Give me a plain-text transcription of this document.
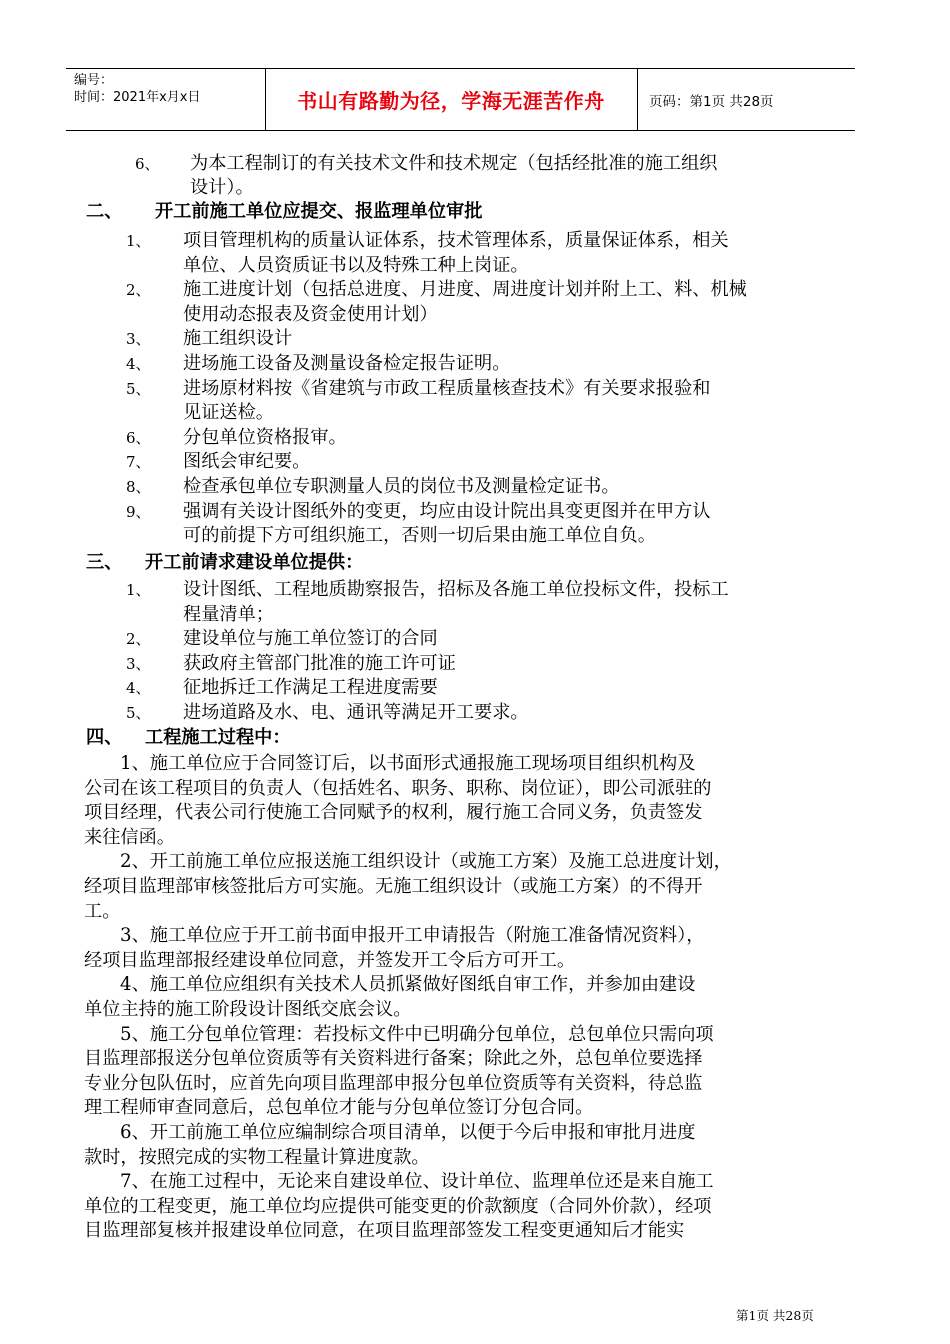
编号：
时间：2021年x月x日	书山有路勤为径，学海无涯苦作舟	页码：第1页 共28页
6、 为本工程制订的有关技术文件和技术规定（包括经批准的施工组织
设计）。
二、 开工前施工单位应提交、报监理单位审批
1、 项目管理机构的质量认证体系，技术管理体系，质量保证体系，相关
单位、人员资质证书以及特殊工种上岗证。
2、 施工进度计划（包括总进度、月进度、周进度计划并附上工、料、机械
使用动态报表及资金使用计划）
3、 施工组织设计
4、 进场施工设备及测量设备检定报告证明。
5、 进场原材料按《省建筑与市政工程质量核查技术》有关要求报验和
见证送检。
6、 分包单位资格报审。
7、 图纸会审纪要。
8、 检查承包单位专职测量人员的岗位书及测量检定证书。
9、 强调有关设计图纸外的变更，均应由设计院出具变更图并在甲方认
可的前提下方可组织施工，否则一切后果由施工单位自负。
三、 开工前请求建设单位提供：
1、 设计图纸、工程地质勘察报告，招标及各施工单位投标文件，投标工
程量清单；
2、 建设单位与施工单位签订的合同
3、 获政府主管部门批准的施工许可证
4、 征地拆迁工作满足工程进度需要
5、 进场道路及水、电、通讯等满足开工要求。
四、 工程施工过程中：
1、施工单位应于合同签订后，以书面形式通报施工现场项目组织机构及
公司在该工程项目的负责人（包括姓名、职务、职称、岗位证），即公司派驻的
项目经理，代表公司行使施工合同赋予的权利，履行施工合同义务，负责签发
来往信函。
2、开工前施工单位应报送施工组织设计（或施工方案）及施工总进度计划，
经项目监理部审核签批后方可实施。无施工组织设计（或施工方案）的不得开
工。
3、施工单位应于开工前书面申报开工申请报告（附施工准备情况资料），
经项目监理部报经建设单位同意，并签发开工令后方可开工。
4、施工单位应组织有关技术人员抓紧做好图纸自审工作，并参加由建设
单位主持的施工阶段设计图纸交底会议。
5、施工分包单位管理：若投标文件中已明确分包单位，总包单位只需向项
目监理部报送分包单位资质等有关资料进行备案；除此之外，总包单位要选择
专业分包队伍时，应首先向项目监理部申报分包单位资质等有关资料，待总监
理工程师审查同意后，总包单位才能与分包单位签订分包合同。
6、开工前施工单位应编制综合项目清单，以便于今后申报和审批月进度
款时，按照完成的实物工程量计算进度款。
7、在施工过程中，无论来自建设单位、设计单位、监理单位还是来自施工
单位的工程变更，施工单位均应提供可能变更的价款额度（合同外价款），经项
目监理部复核并报建设单位同意，在项目监理部签发工程变更通知后才能实
第1页 共28页
